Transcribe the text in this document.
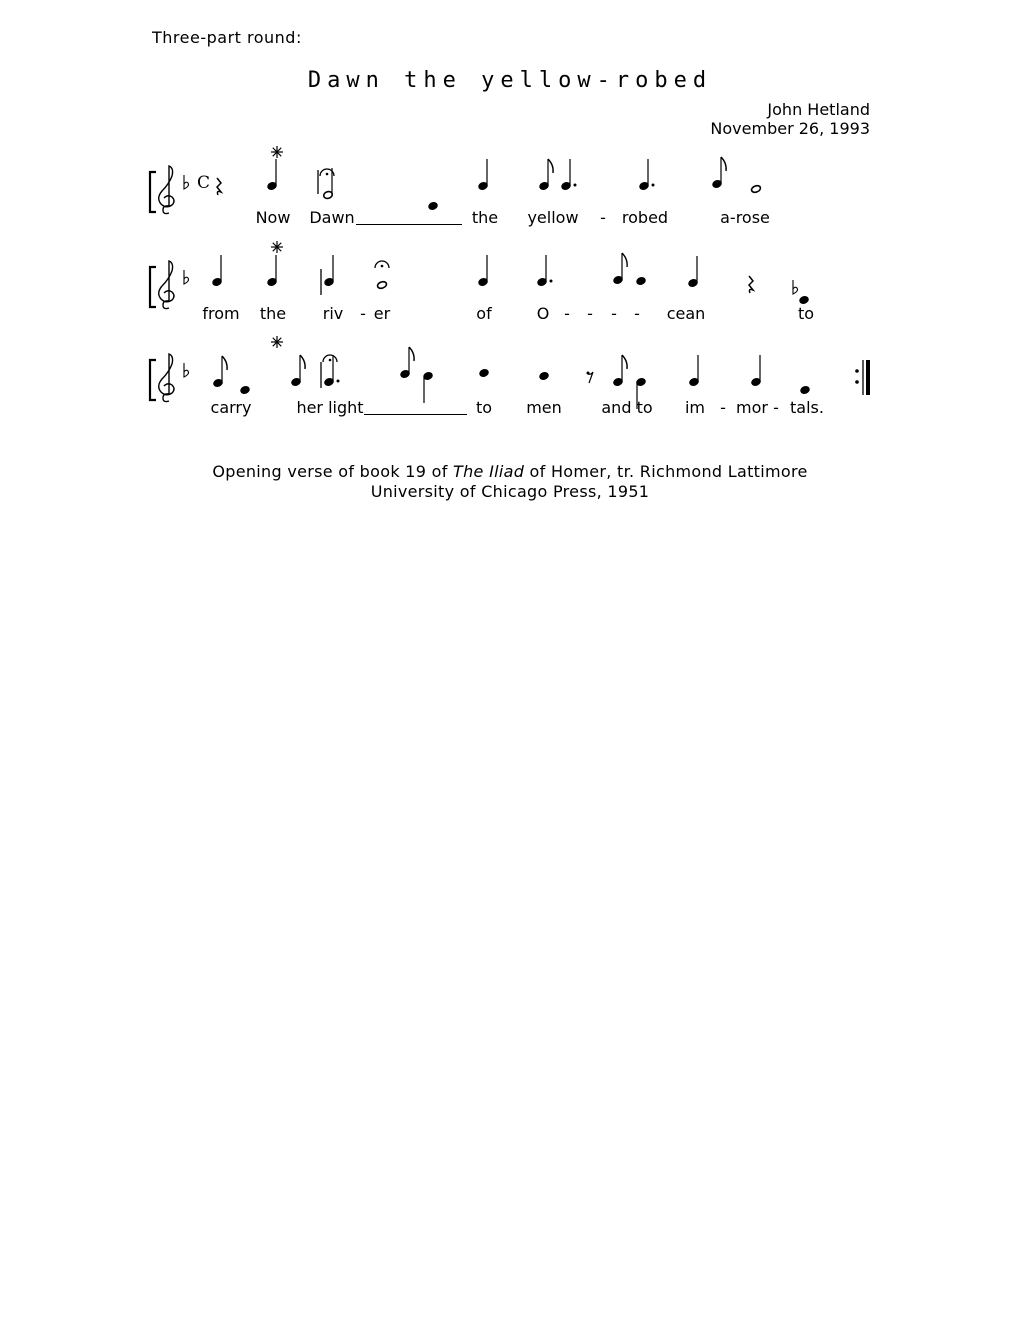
Three-part round:
Dawn the yellow-robed
John Hetland
November 26, 1993
C
Now Dawn	the yellow - robed	a-rose
from the riv - er	of	O - - - - cean	to
carry	her light	to men and to im - mor - tals.
Opening verse of book 19 of The Iliad of Homer, tr. Richmond Lattimore
University of Chicago Press, 1951
